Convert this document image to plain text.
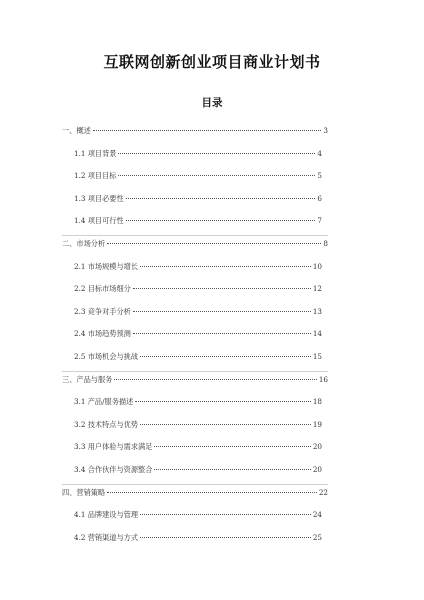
互联网创新创业项目商业计划书
目录
一、概述	3
1.1 项目背景	4
1.2 项目目标	5
1.3 项目必要性	6
1.4 项目可行性	7
二、市场分析	8
2.1 市场规模与增长	10
2.2 目标市场细分	12
2.3 竞争对手分析	13
2.4 市场趋势预测	14
2.5 市场机会与挑战	15
三、产品与服务	16
3.1 产品/服务描述	18
3.2 技术特点与优势	19
3.3 用户体验与需求满足	20
3.4 合作伙伴与资源整合	20
四、营销策略	22
4.1 品牌建设与管理	24
4.2 营销渠道与方式	25
